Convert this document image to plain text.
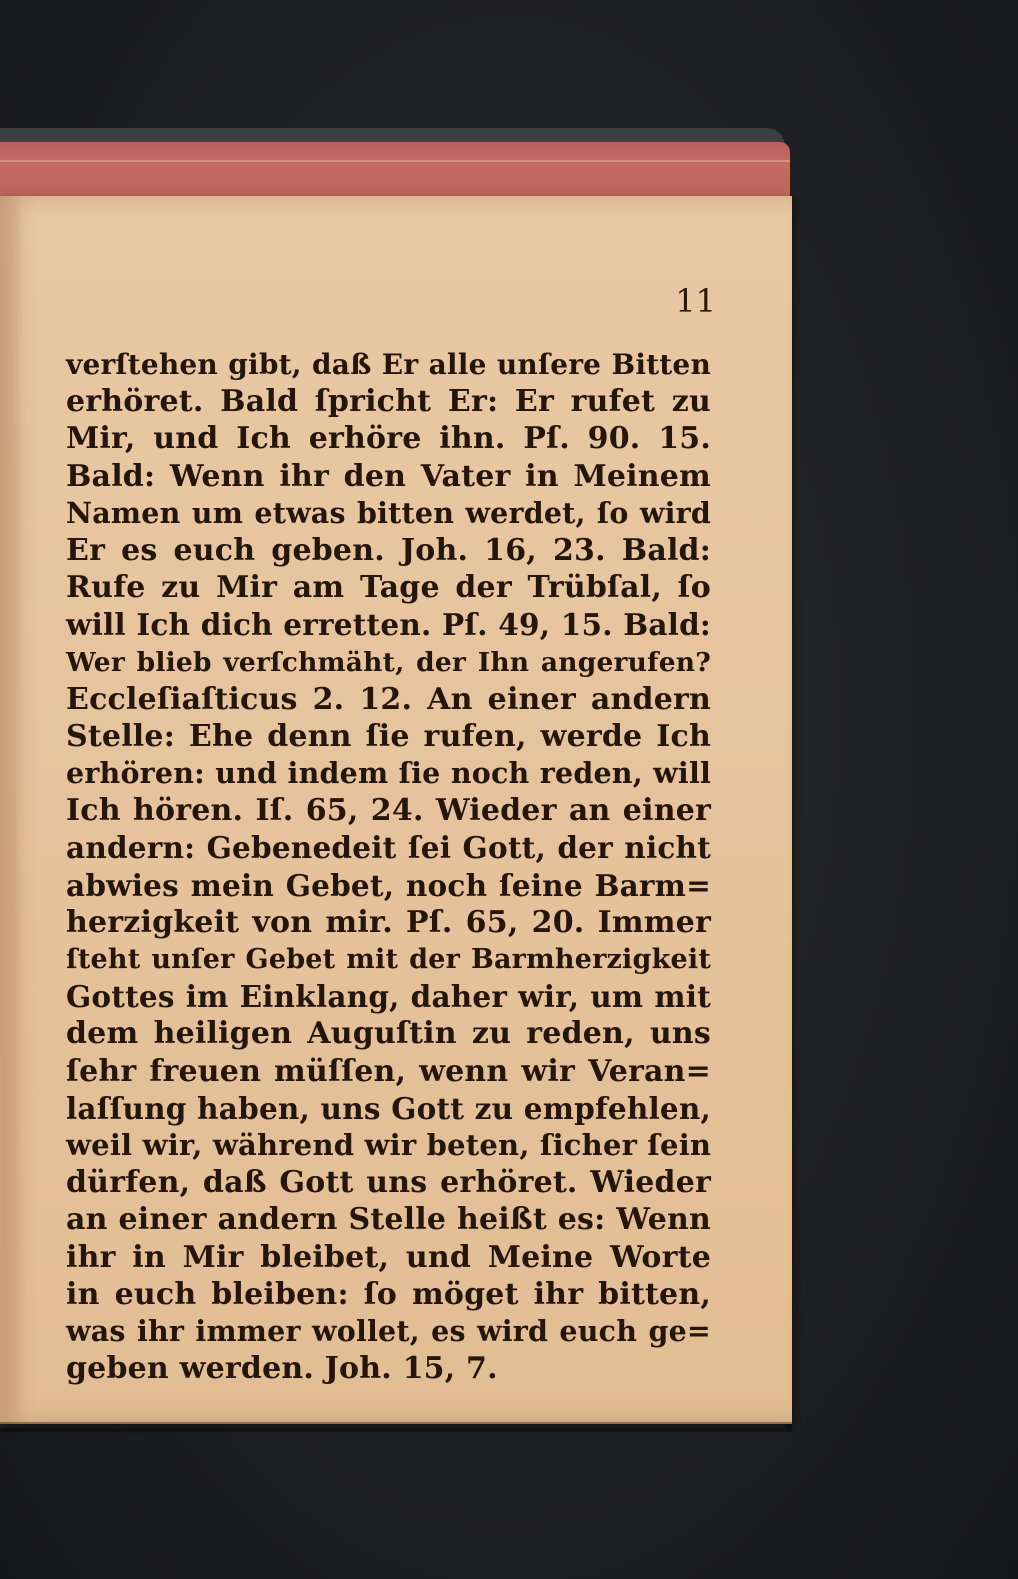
11
verſtehen gibt, daß Er alle unſere Bitten
erhöret. Bald ſpricht Er: Er rufet zu
Mir, und Ich erhöre ihn. Pſ. 90. 15.
Bald: Wenn ihr den Vater in Meinem
Namen um etwas bitten werdet, ſo wird
Er es euch geben. Joh. 16, 23. Bald:
Rufe zu Mir am Tage der Trübſal, ſo
will Ich dich erretten. Pſ. 49, 15. Bald:
Wer blieb verſchmäht, der Ihn angerufen?
Eccleſiaſticus 2. 12. An einer andern
Stelle: Ehe denn ſie rufen, werde Ich
erhören: und indem ſie noch reden, will
Ich hören. Iſ. 65, 24. Wieder an einer
andern: Gebenedeit ſei Gott, der nicht
abwies mein Gebet, noch ſeine Barm=
herzigkeit von mir. Pſ. 65, 20. Immer
ſteht unſer Gebet mit der Barmherzigkeit
Gottes im Einklang, daher wir, um mit
dem heiligen Auguſtin zu reden, uns
ſehr freuen müſſen, wenn wir Veran=
laſſung haben, uns Gott zu empfehlen,
weil wir, während wir beten, ſicher ſein
dürfen, daß Gott uns erhöret. Wieder
an einer andern Stelle heißt es: Wenn
ihr in Mir bleibet, und Meine Worte
in euch bleiben: ſo möget ihr bitten,
was ihr immer wollet, es wird euch ge=
geben werden. Joh. 15, 7.
